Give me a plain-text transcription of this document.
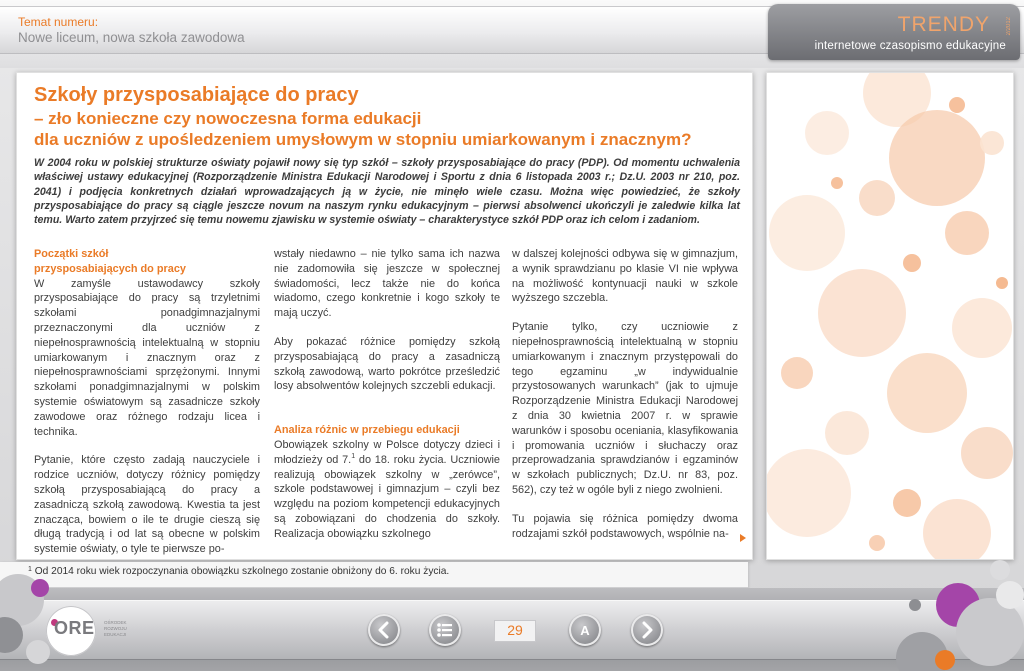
Temat numeru:
Nowe liceum, nowa szkoła zawodowa
TRENDY	2/2012
internetowe czasopismo edukacyjne
Szkoły przysposabiające do pracy
– zło konieczne czy nowoczesna forma edukacji
dla uczniów z upośledzeniem umysłowym w stopniu umiarkowanym i znacznym?

W 2004 roku w polskiej strukturze oświaty pojawił nowy się typ szkół – szkoły przysposabiające do pracy (PDP). Od momentu uchwalenia właściwej ustawy edukacyjnej (Rozporządzenie Ministra Edukacji Narodowej i Sportu z dnia 6 listopada 2003 r.; Dz.U. 2003 nr 210, poz. 2041) i podjęcia konkretnych działań wprowadzających ją w życie, nie minęło wiele czasu. Można więc powiedzieć, że szkoły przysposabiające do pracy są ciągle jeszcze novum na naszym rynku edukacyjnym – pierwsi absolwenci ukończyli je zaledwie kilka lat temu. Warto zatem przyjrzeć się temu nowemu zjawisku w systemie oświaty – charakterystyce szkół PDP oraz ich celom i zadaniom.

Początki szkół
przysposabiających do pracy

W zamyśle ustawodawcy szkoły przysposabiające do pracy są trzyletnimi szkołami ponadgimnazjalnymi przeznaczonymi dla uczniów z niepełnosprawnością intelektualną w stopniu umiarkowanym i znacznym oraz z niepełnosprawnościami sprzężonymi. Innymi szkołami ponadgimnazjalnymi w polskim systemie oświatowym są zasadnicze szkoły zawodowe oraz różnego rodzaju licea i technika.

Pytanie, które często zadają nauczyciele i rodzice uczniów, dotyczy różnicy pomiędzy szkołą przysposabiającą do pracy a zasadniczą szkołą zawodową. Kwestia ta jest znacząca, bowiem o ile te drugie cieszą się długą tradycją i od lat są obecne w polskim systemie oświaty, o tyle te pierwsze po-

wstały niedawno – nie tylko sama ich nazwa nie zadomowiła się jeszcze w społecznej świadomości, lecz także nie do końca wiadomo, czego konkretnie i kogo szkoły te mają uczyć.

Aby pokazać różnice pomiędzy szkołą przysposabiającą do pracy a zasadniczą szkołą zawodową, warto pokrótce prześledzić losy absolwentów kolejnych szczebli edukacji.

Analiza różnic w przebiegu edukacji

Obowiązek szkolny w Polsce dotyczy dzieci i młodzieży od 7.$^1$ do 18. roku życia. Uczniowie realizują obowiązek szkolny w „zerówce”, szkole podstawowej i gimnazjum – czyli bez względu na poziom kompetencji edukacyjnych są zobowiązani do chodzenia do szkoły. Realizacja obowiązku szkolnego

w dalszej kolejności odbywa się w gimnazjum, a wynik sprawdzianu po klasie VI nie wpływa na możliwość kontynuacji nauki w szkole wyższego szczebla.

Pytanie tylko, czy uczniowie z niepełnosprawnością intelektualną w stopniu umiarkowanym i znacznym przystępowali do tego egzaminu „w indywidualnie przystosowanych warunkach” (jak to ujmuje Rozporządzenie Ministra Edukacji Narodowej z dnia 30 kwietnia 2007 r. w sprawie warunków i sposobu oceniania, klasyfikowania i promowania uczniów i słuchaczy oraz przeprowadzania sprawdzianów i egzaminów w szkołach publicznych; Dz.U. nr 83, poz. 562), czy też w ogóle byli z niego zwolnieni.

Tu pojawia się różnica pomiędzy dwoma rodzajami szkół podstawowych, wspólnie na-

$^1$ Od 2014 roku wiek rozpoczynania obowiązku szkolnego zostanie obniżony do 6. roku życia.
ORE OŚRODEK
ROZWOJU
EDUKACJI	29	A
